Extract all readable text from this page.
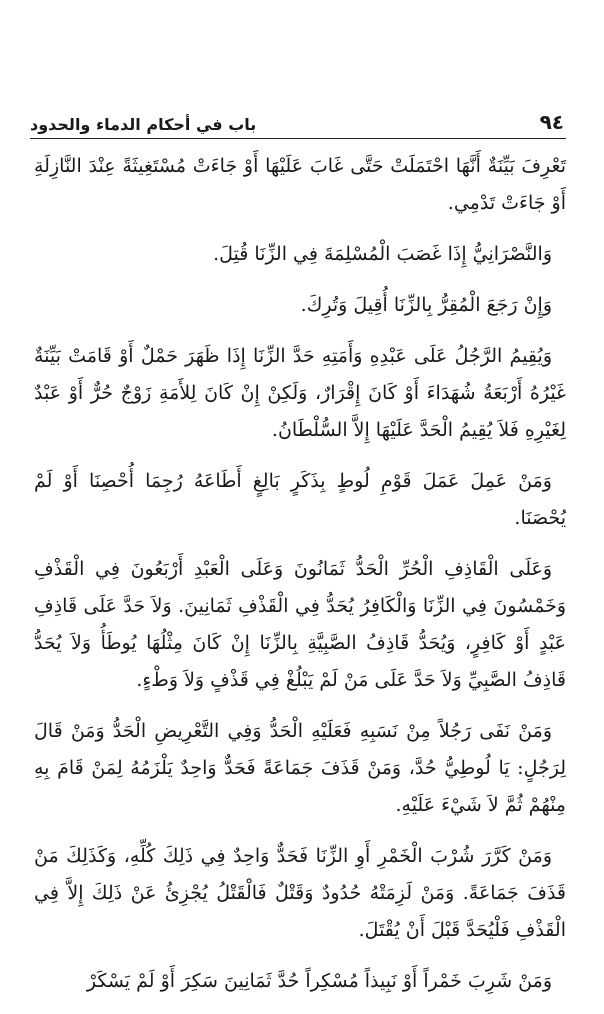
٩٤
باب في أحكام الدماء والحدود

تَعْرِفَ بَيِّنَةٌ أَنَّهَا احْتَمَلَتْ حَتَّى غَابَ عَلَيْهَا أَوْ جَاءَتْ مُسْتَغِيثَةً عِنْدَ النَّازِلَةِ أَوْ جَاءَتْ تَدْمِي.

وَالنَّصْرَانِيُّ إِذَا غَصَبَ الْمُسْلِمَةَ فِي الزِّنَا قُتِلَ.

وَإِنْ رَجَعَ الْمُقِرُّ بِالزِّنَا أُقِيلَ وَتُرِكَ.

وَيُقِيمُ الرَّجُلُ عَلَى عَبْدِهِ وَأَمَتِهِ حَدَّ الزِّنَا إِذَا ظَهَرَ حَمْلٌ أَوْ قَامَتْ بَيِّنَةٌ غَيْرُهُ أَرْبَعَةُ شُهَدَاءَ أَوْ كَانَ إِقْرَارٌ، وَلَكِنْ إِنْ كَانَ لِلأَمَةِ زَوْجٌ حُرٌّ أَوْ عَبْدٌ لِغَيْرِهِ فَلاَ يُقِيمُ الْحَدَّ عَلَيْهَا إِلاَّ السُّلْطَانُ.

وَمَنْ عَمِلَ عَمَلَ قَوْمِ لُوطٍ بِذَكَرٍ بَالِغٍ أَطَاعَهُ رُجِمَا أُحْصِنَا أَوْ لَمْ يُحْصَنَا.

وَعَلَى الْقَاذِفِ الْحُرِّ الْحَدُّ ثَمَانُونَ وَعَلَى الْعَبْدِ أَرْبَعُونَ فِي الْقَذْفِ وَخَمْسُونَ فِي الزِّنَا وَالْكَافِرُ يُحَدُّ فِي الْقَذْفِ ثَمَانِينَ. وَلاَ حَدَّ عَلَى قَاذِفِ عَبْدٍ أَوْ كَافِرٍ، وَيُحَدُّ قَاذِفُ الصَّبِيَّةِ بِالزِّنَا إِنْ كَانَ مِثْلُهَا يُوطَأُ وَلاَ يُحَدُّ قَاذِفُ الصَّبِيِّ وَلاَ حَدَّ عَلَى مَنْ لَمْ يَبْلُغْ فِي قَذْفٍ وَلاَ وَطْءٍ.

وَمَنْ نَفَى رَجُلاً مِنْ نَسَبِهِ فَعَلَيْهِ الْحَدُّ وَفِي التَّعْرِيضِ الْحَدُّ وَمَنْ قَالَ لِرَجُلٍ: يَا لُوطِيُّ حُدَّ، وَمَنْ قَذَفَ جَمَاعَةً فَحَدٌّ وَاحِدٌ يَلْزَمُهُ لِمَنْ قَامَ بِهِ مِنْهُمْ ثُمَّ لاَ شَيْءَ عَلَيْهِ.

وَمَنْ كَرَّرَ شُرْبَ الْخَمْرِ أَوِ الزِّنَا فَحَدٌّ وَاحِدٌ فِي ذَلِكَ كُلِّهِ، وَكَذَلِكَ مَنْ قَذَفَ جَمَاعَةً. وَمَنْ لَزِمَتْهُ حُدُودٌ وَقَتْلٌ فَالْقَتْلُ يُجْزِئُ عَنْ ذَلِكَ إِلاَّ فِي الْقَذْفِ فَلْيُحَدَّ قَبْلَ أَنْ يُقْتَلَ.

وَمَنْ شَرِبَ خَمْراً أَوْ نَبِيذاً مُسْكِراً حُدَّ ثَمَانِينَ سَكِرَ أَوْ لَمْ يَسْكَرْ
